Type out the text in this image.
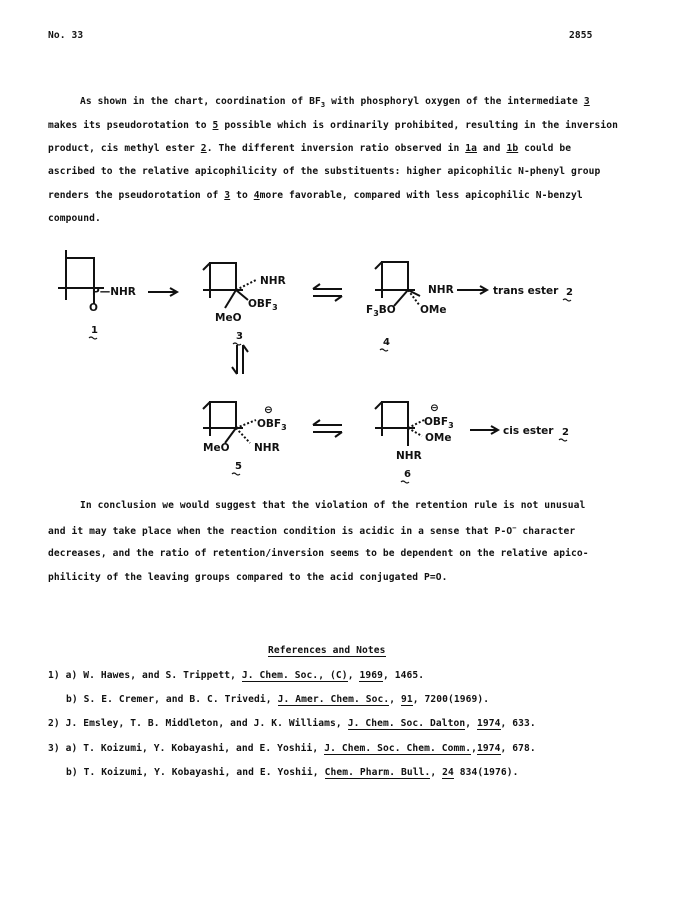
No. 33	2855
As shown in the chart, coordination of $BF_3$ with phosphoryl oxygen of the intermediate 3
makes its pseudorotation to 5 possible which is ordinarily prohibited, resulting in the inversion
product, cis methyl ester 2. The different inversion ratio observed in 1a and 1b could be
ascribed to the relative apicophilicity of the substituents: higher apicophilic N-phenyl group
renders the pseudorotation of 3 to 4more favorable, compared with less apicophilic N-benzyl
compound.
P—NHR
O
1
NHR
$OBF_3$
MeO
3
NHR
$F_3BO$ OMe
4
trans ester 2
$OBF_3$
⊖
MeO NHR
5
$OBF_3$
⊖
OMe
NHR
6
cis ester 2
In conclusion we would suggest that the violation of the retention rule is not unusual
and it may take place when the reaction condition is acidic in a sense that P-O− character
decreases, and the ratio of retention/inversion seems to be dependent on the relative apico-
philicity of the leaving groups compared to the acid conjugated P=O.
References and Notes
1) a) W. Hawes, and S. Trippett, J. Chem. Soc., (C), 1969, 1465.
b) S. E. Cremer, and B. C. Trivedi, J. Amer. Chem. Soc., 91, 7200(1969).
2) J. Emsley, T. B. Middleton, and J. K. Williams, J. Chem. Soc. Dalton, 1974, 633.
3) a) T. Koizumi, Y. Kobayashi, and E. Yoshii, J. Chem. Soc. Chem. Comm.,1974, 678.
b) T. Koizumi, Y. Kobayashi, and E. Yoshii, Chem. Pharm. Bull., 24 834(1976).
